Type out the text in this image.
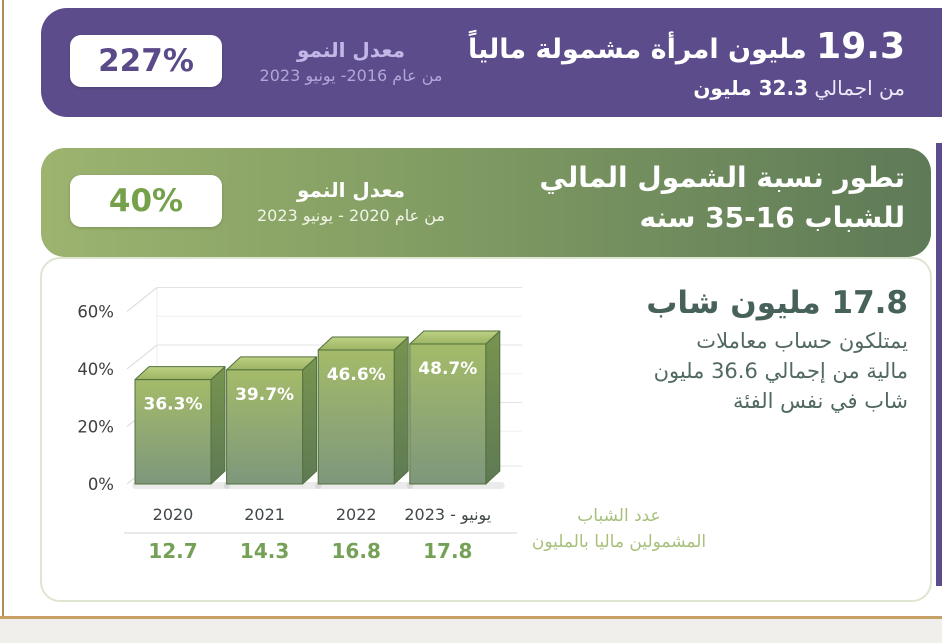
227%	معدل النمو
من عام 2016- يونيو 2023
19.3 مليون امرأة مشمولة مالياً
من اجمالي 32.3 مليون
40%	معدل النمو
من عام 2020 - يونيو 2023
تطور نسبة الشمول المالي
للشباب 16-35 سنه
0%
20%
40%
60%
36.3%
2020
12.7
39.7%
2021
14.3
46.6%
2022
16.8
48.7%
يونيو - 2023
17.8
عدد الشباب
المشمولين ماليا بالمليون
17.8 مليون شاب
يمتلكون حساب معاملات
مالية من إجمالي 36.6 مليون
شاب في نفس الفئة
